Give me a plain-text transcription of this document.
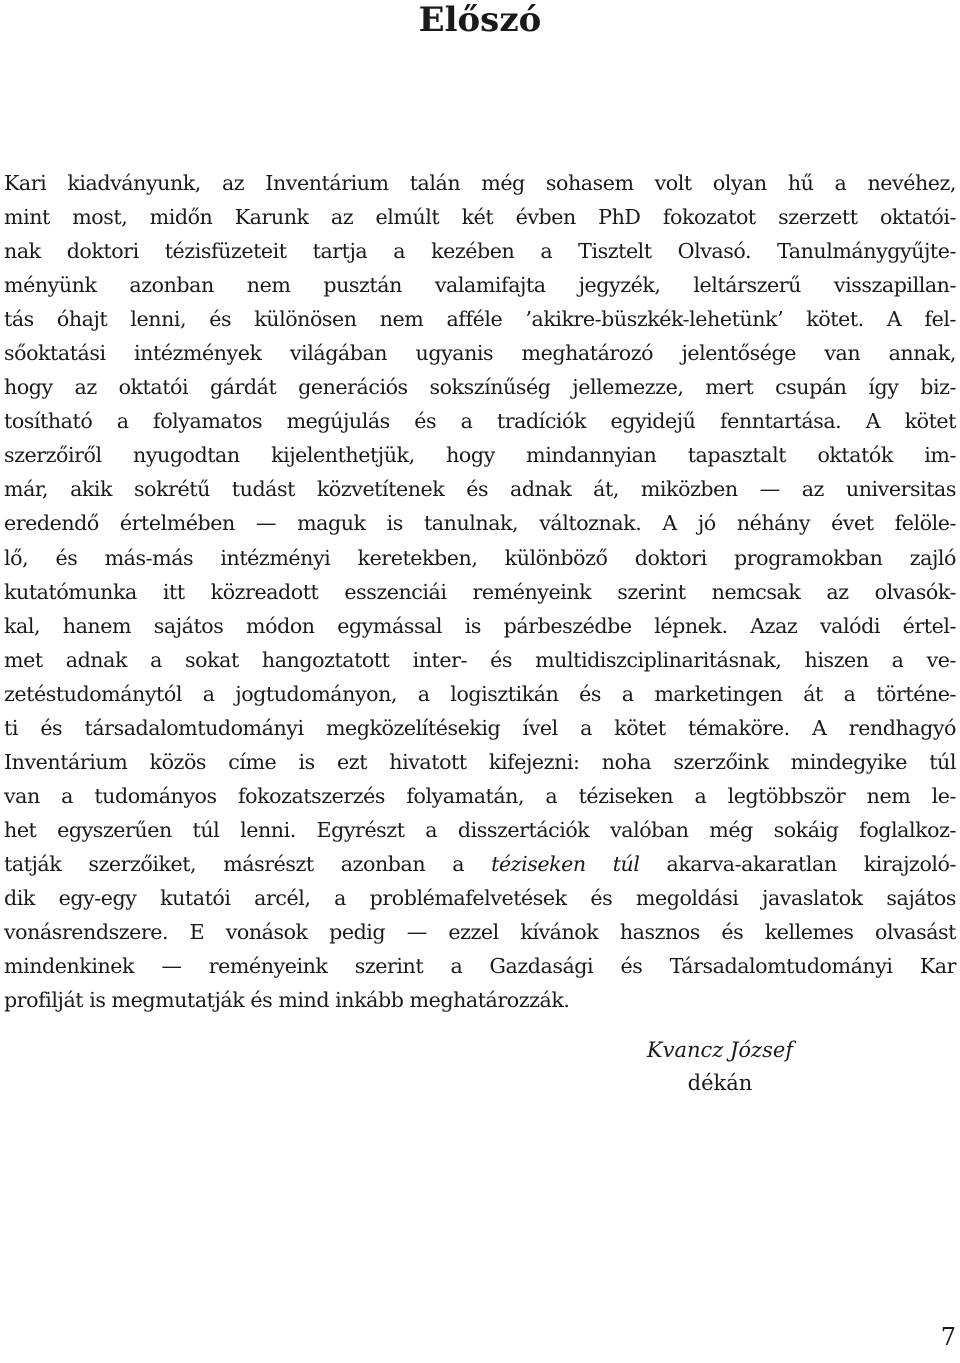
Előszó
Kari kiadványunk, az Inventárium talán még sohasem volt olyan hű a nevéhez,
mint most, midőn Karunk az elmúlt két évben PhD fokozatot szerzett oktatói-
nak doktori tézisfüzeteit tartja a kezében a Tisztelt Olvasó. Tanulmánygyűjte-
ményünk azonban nem pusztán valamifajta jegyzék, leltárszerű visszapillan-
tás óhajt lenni, és különösen nem afféle ’akikre-büszkék-lehetünk’ kötet. A fel-
sőoktatási intézmények világában ugyanis meghatározó jelentősége van annak,
hogy az oktatói gárdát generációs sokszínűség jellemezze, mert csupán így biz-
tosítható a folyamatos megújulás és a tradíciók egyidejű fenntartása. A kötet
szerzőiről nyugodtan kijelenthetjük, hogy mindannyian tapasztalt oktatók im-
már, akik sokrétű tudást közvetítenek és adnak át, miközben — az universitas
eredendő értelmében — maguk is tanulnak, változnak. A jó néhány évet felöle-
lő, és más-más intézményi keretekben, különböző doktori programokban zajló
kutatómunka itt közreadott esszenciái reményeink szerint nemcsak az olvasók-
kal, hanem sajátos módon egymással is párbeszédbe lépnek. Azaz valódi értel-
met adnak a sokat hangoztatott inter- és multidiszciplinaritásnak, hiszen a ve-
zetéstudománytól a jogtudományon, a logisztikán és a marketingen át a történe-
ti és társadalomtudományi megközelítésekig ível a kötet témaköre. A rendhagyó
Inventárium közös címe is ezt hivatott kifejezni: noha szerzőink mindegyike túl
van a tudományos fokozatszerzés folyamatán, a téziseken a legtöbbször nem le-
het egyszerűen túl lenni. Egyrészt a disszertációk valóban még sokáig foglalkoz-
tatják szerzőiket, másrészt azonban a téziseken túl akarva-akaratlan kirajzoló-
dik egy-egy kutatói arcél, a problémafelvetések és megoldási javaslatok sajátos
vonásrendszere. E vonások pedig — ezzel kívánok hasznos és kellemes olvasást
mindenkinek — reményeink szerint a Gazdasági és Társadalomtudományi Kar
profilját is megmutatják és mind inkább meghatározzák.
Kvancz József
dékán
7
